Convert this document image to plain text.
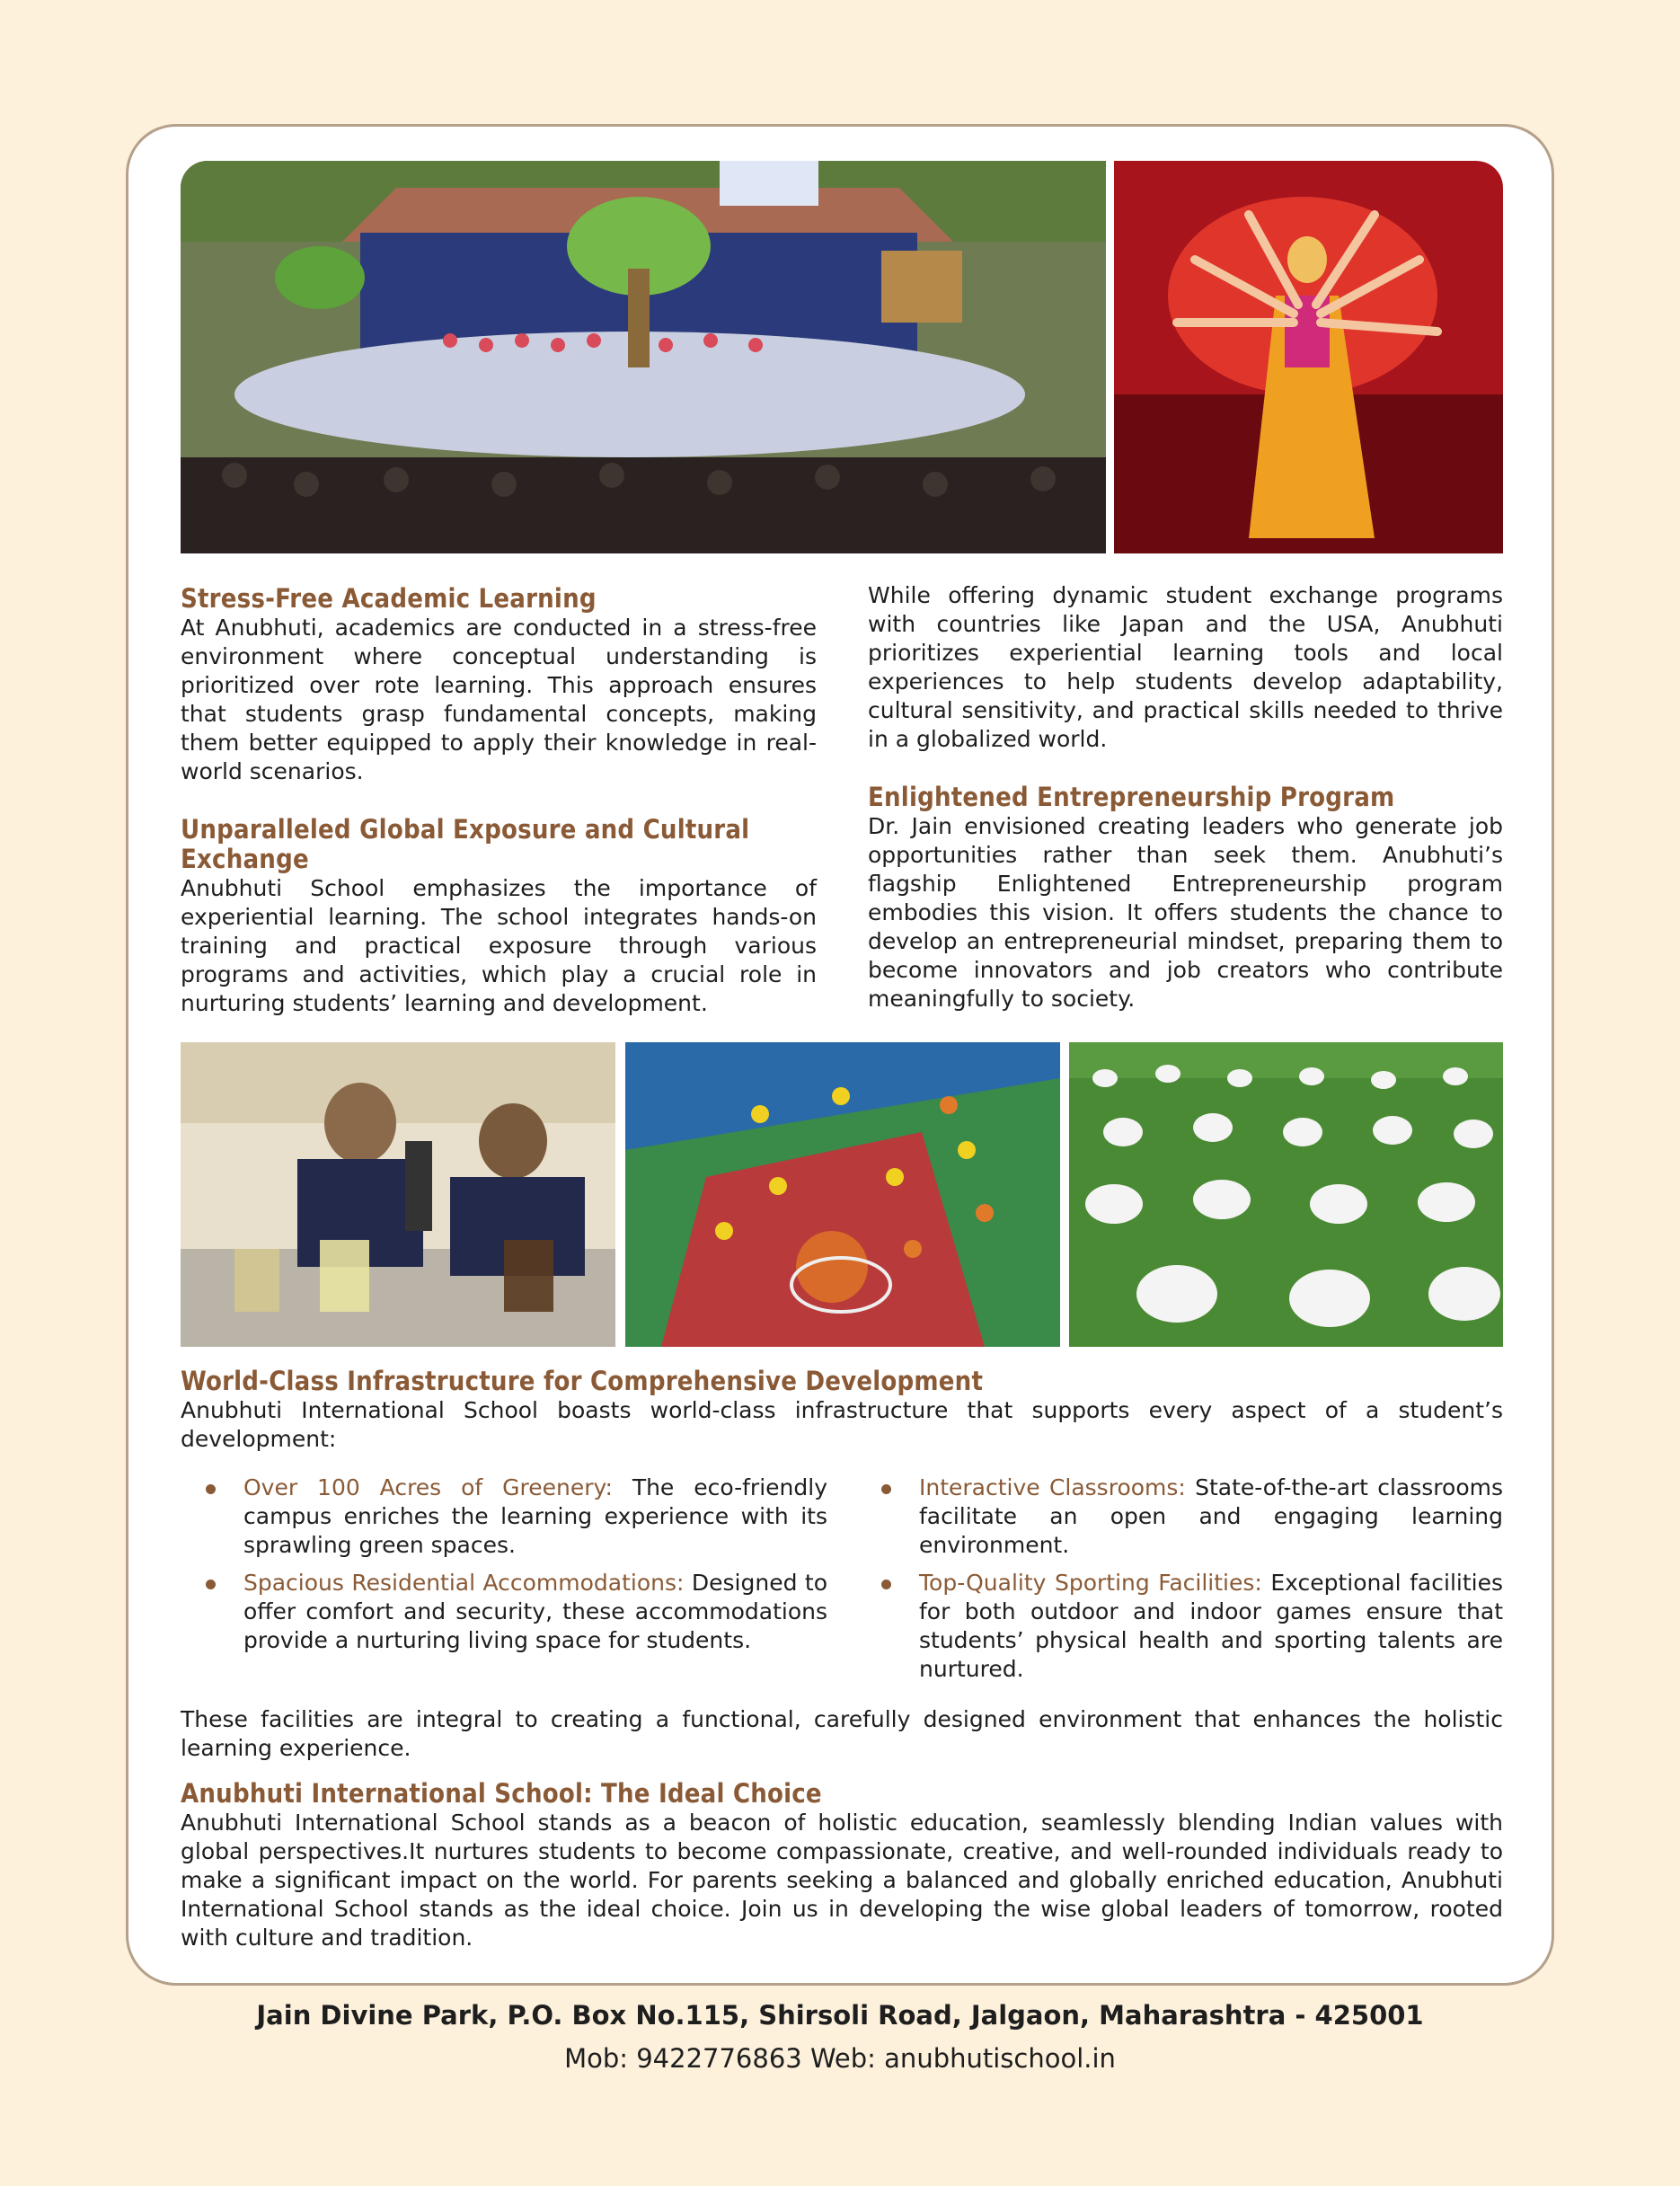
Stress-Free Academic Learning

At Anubhuti, academics are conducted in a stress-free environment where conceptual understanding is prioritized over rote learning. This approach ensures that students grasp fundamental concepts, making them better equipped to apply their knowledge in real-world scenarios.

Unparalleled Global Exposure and Cultural Exchange

Anubhuti School emphasizes the importance of experiential learning. The school integrates hands-on training and practical exposure through various programs and activities, which play a crucial role in nurturing students’ learning and development.

While offering dynamic student exchange programs with countries like Japan and the USA, Anubhuti prioritizes experiential learning tools and local experiences to help students develop adaptability, cultural sensitivity, and practical skills needed to thrive in a globalized world.

Enlightened Entrepreneurship Program

Dr. Jain envisioned creating leaders who generate job opportunities rather than seek them. Anubhuti’s flagship Enlightened Entrepreneurship program embodies this vision. It offers students the chance to develop an entrepreneurial mindset, preparing them to become innovators and job creators who contribute meaningfully to society.

World-Class Infrastructure for Comprehensive Development

Anubhuti International School boasts world-class infrastructure that supports every aspect of a student’s development:

Over 100 Acres of Greenery: The eco-friendly campus enriches the learning experience with its sprawling green spaces.
Spacious Residential Accommodations: Designed to offer comfort and security, these accommodations provide a nurturing living space for students.
Interactive Classrooms: State-of-the-art classrooms facilitate an open and engaging learning environment.
Top-Quality Sporting Facilities: Exceptional facilities for both outdoor and indoor games ensure that students’ physical health and sporting talents are nurtured.

These facilities are integral to creating a functional, carefully designed environment that enhances the holistic learning experience.

Anubhuti International School: The Ideal Choice

Anubhuti International School stands as a beacon of holistic education, seamlessly blending Indian values with global perspectives.It nurtures students to become compassionate, creative, and well-rounded individuals ready to make a significant impact on the world. For parents seeking a balanced and globally enriched education, Anubhuti International School stands as the ideal choice. Join us in developing the wise global leaders of tomorrow, rooted with culture and tradition.

Jain Divine Park, P.O. Box No.115, Shirsoli Road, Jalgaon, Maharashtra - 425001
Mob: 9422776863 Web: anubhutischool.in
